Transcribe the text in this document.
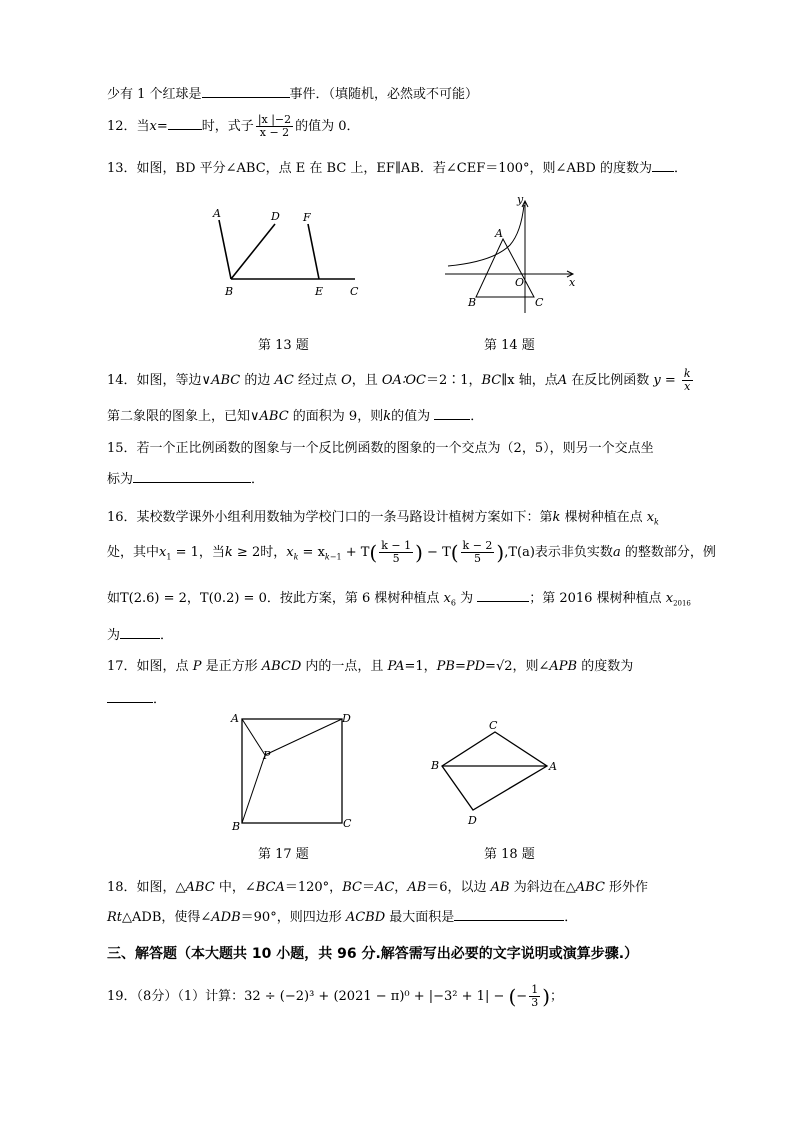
少有 1 个红球是	事件．（填随机，必然或不可能）
12．当x=	时，式子 $\frac{|x |-2}{x - 2}$ 的值为 0．
13．如图，BD 平分∠ABC，点 E 在 BC 上，EF∥AB．若∠CEF＝100°，则∠ABD 的度数为 ．
A	D F
B	E C
第 13 题
A
B	C
O	x
y
第 14 题
14．如图，等边∨ABC 的边 AC 经过点 O，且 OA∶OC＝2∶1，BC∥x 轴，点A 在反比例函数 $y = \frac{k}{x}$
第二象限的图象上，已知∨ABC 的面积为 9，则k的值为	．
15．若一个正比例函数的图象与一个反比例函数的图象的一个交点为（2，5），则另一个交点坐
标为	．
16．某校数学课外小组利用数轴为学校门口的一条马路设计植树方案如下：第k 棵树种植在点 $x_k$
处，其中$x_1 = 1$，当k ≥ 2时，$x_k = x_{k-1} + T( \frac{k - 1}{5}$ ) − $T( \frac{k - 2}{5} ),T(a)$表示非负实数a 的整数部分，例
如T(2.6) = 2，T(0.2) = 0．按此方案，第 6 棵树种植点 $x_6$ 为	；第 2016 棵树种植点 $x_{2016}$
为	．
17．如图，点 P 是正方形 ABCD 内的一点，且 PA=1，PB=PD=√2，则∠APB 的度数为
．
A	D
B	C
P
第 17 题
C
B	A
D
第 18 题
18．如图，△ABC 中，∠BCA＝120°，BC＝AC，AB＝6，以边 AB 为斜边在△ABC 形外作
Rt△ADB，使得∠ADB＝90°，则四边形 ACBD 最大面积是	．
三、解答题（本大题共 10 小题，共 96 分.解答需写出必要的文字说明或演算步骤.）
19．（8分）（1）计算：32 ÷ (−2)³ + (2021 − π)⁰ + |−3² + 1| − (− $\frac{1}{3}$ )；
